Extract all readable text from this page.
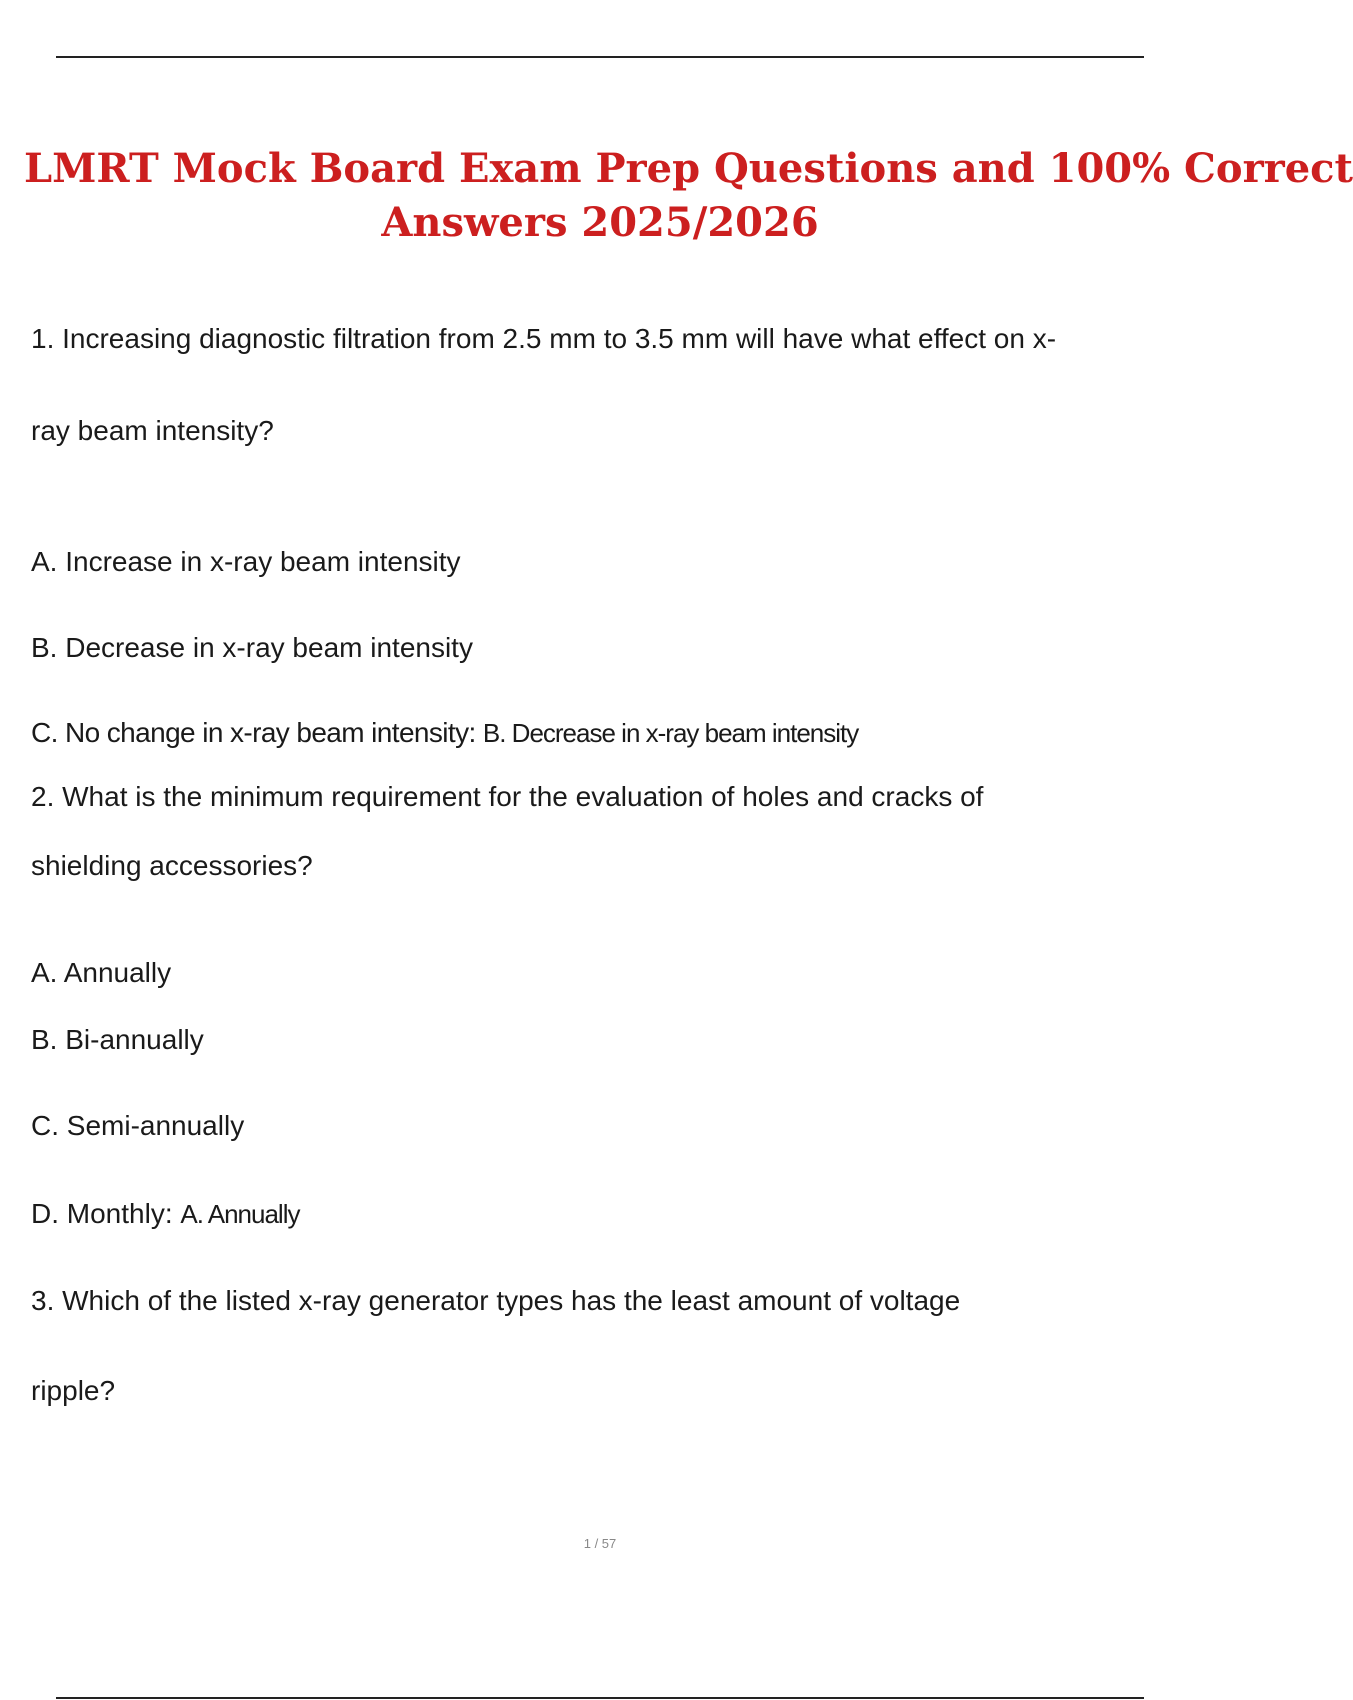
LMRT Mock Board Exam Prep Questions and 100% Correct
Answers 2025/2026
1. Increasing diagnostic filtration from 2.5 mm to 3.5 mm will have what effect on x-
ray beam intensity?
A. Increase in x-ray beam intensity
B. Decrease in x-ray beam intensity
C. No change in x-ray beam intensity: B. Decrease in x-ray beam intensity
2. What is the minimum requirement for the evaluation of holes and cracks of
shielding accessories?
A. Annually
B. Bi-annually
C. Semi-annually
D. Monthly: A. Annually
3. Which of the listed x-ray generator types has the least amount of voltage
ripple?
1 / 57
